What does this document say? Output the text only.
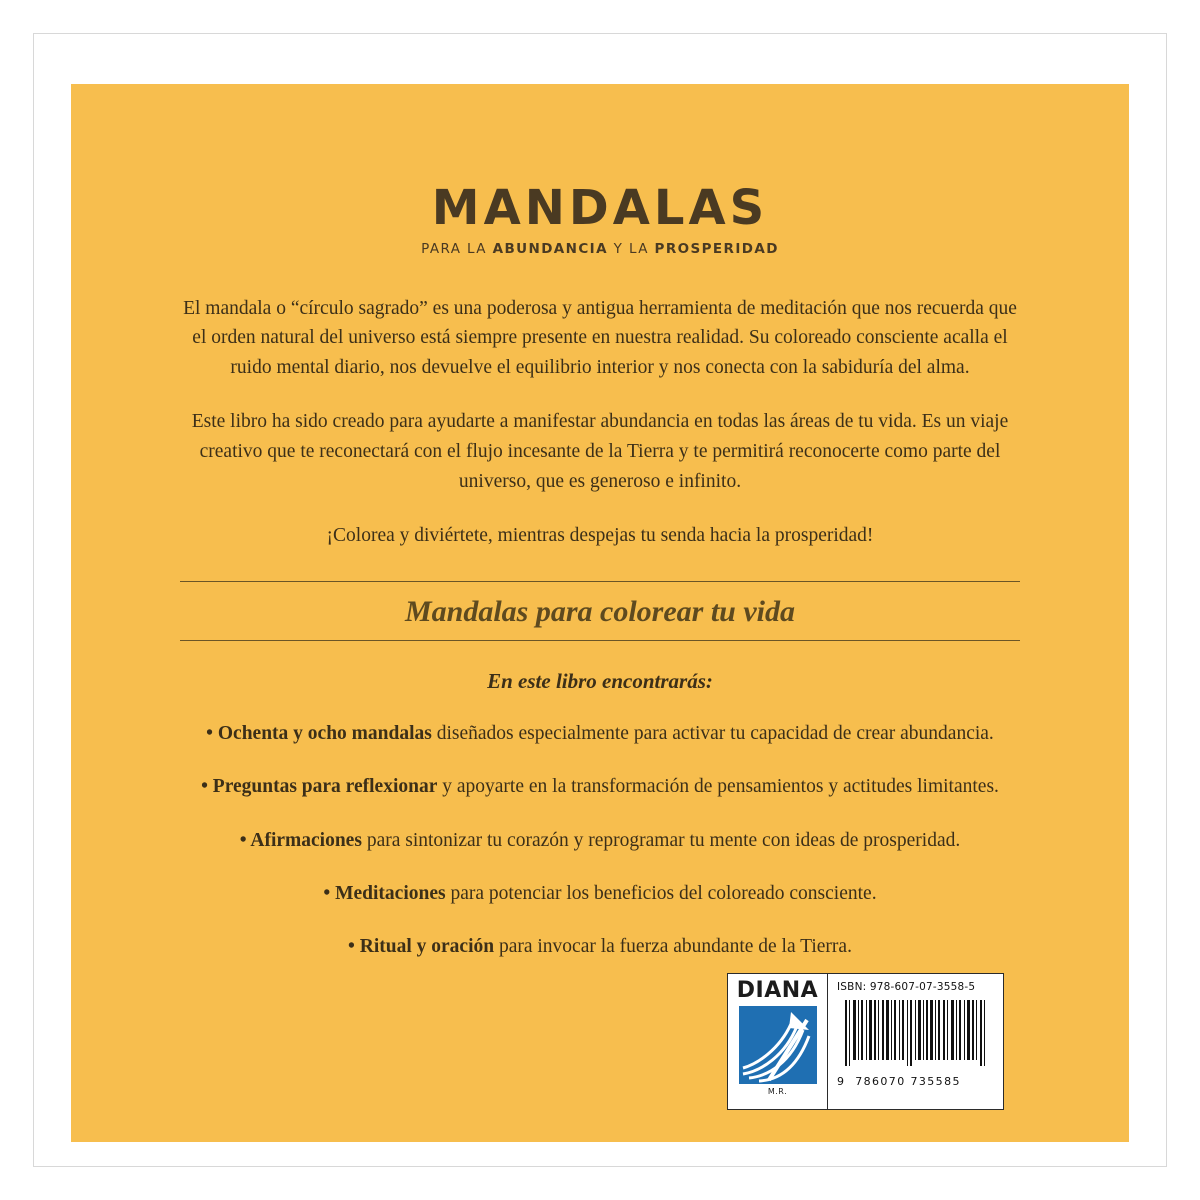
MANDALAS
PARA LA ABUNDANCIA Y LA PROSPERIDAD

El mandala o “círculo sagrado” es una poderosa y antigua herramienta de meditación que nos recuerda que el orden natural del universo está siempre presente en nuestra realidad. Su coloreado consciente acalla el ruido mental diario, nos devuelve el equilibrio interior y nos conecta con la sabiduría del alma.

Este libro ha sido creado para ayudarte a manifestar abundancia en todas las áreas de tu vida. Es un viaje creativo que te reconectará con el flujo incesante de la Tierra y te permitirá reconocerte como parte del universo, que es generoso e infinito.

¡Colorea y diviértete, mientras despejas tu senda hacia la prosperidad!

Mandalas para colorear tu vida
En este libro encontrarás:
• Ochenta y ocho mandalas diseñados especialmente para activar tu capacidad de crear abundancia.
• Preguntas para reflexionar y apoyarte en la transformación de pensamientos y actitudes limitantes.
• Afirmaciones para sintonizar tu corazón y reprogramar tu mente con ideas de prosperidad.
• Meditaciones para potenciar los beneficios del coloreado consciente.
• Ritual y oración para invocar la fuerza abundante de la Tierra.
DIANA
M.R.
ISBN: 978-607-07-3558-5
9 786070 735585
